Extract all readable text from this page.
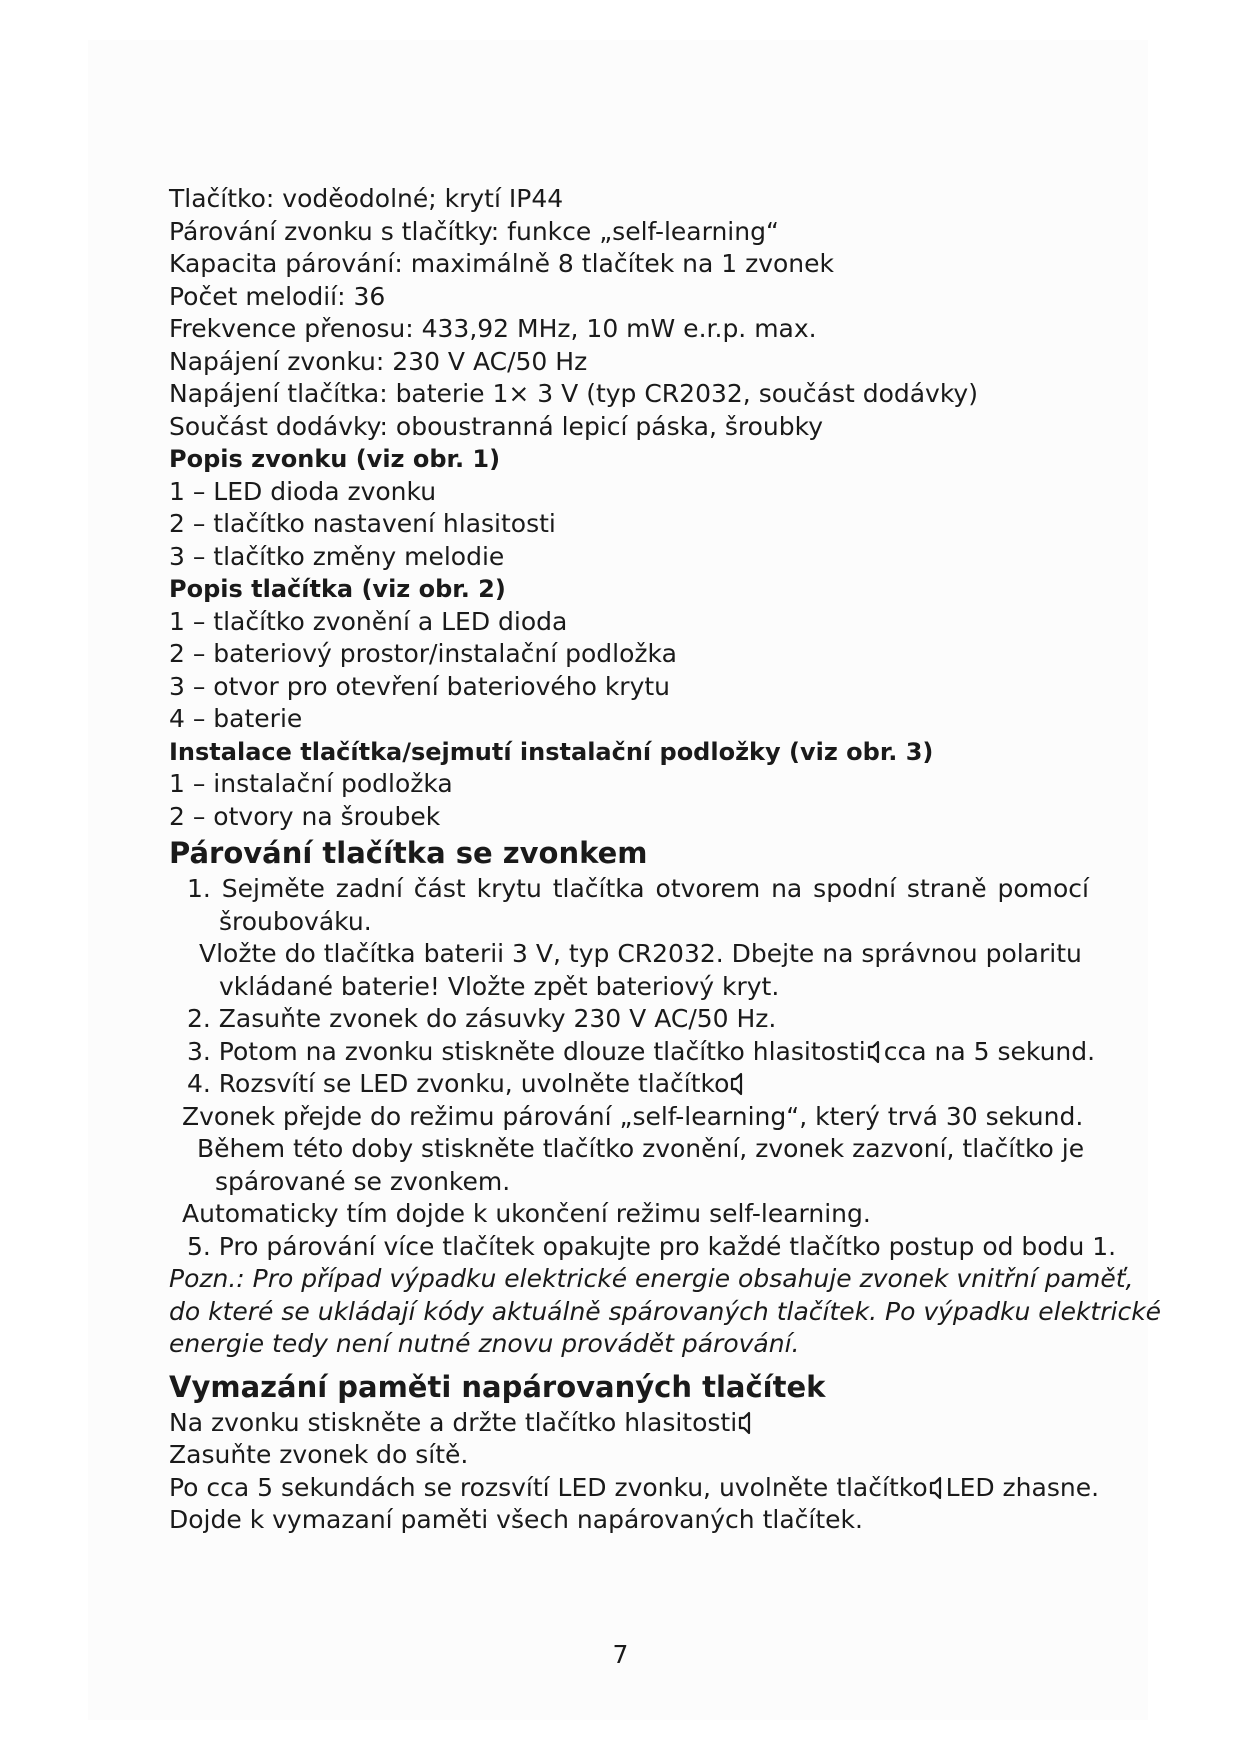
Tlačítko: voděodolné; krytí IP44
Párování zvonku s tlačítky: funkce „self-learning“
Kapacita párování: maximálně 8 tlačítek na 1 zvonek
Počet melodií: 36
Frekvence přenosu: 433,92 MHz, 10 mW e.r.p. max.
Napájení zvonku: 230 V AC/50 Hz
Napájení tlačítka: baterie 1× 3 V (typ CR2032, součást dodávky)
Součást dodávky: oboustranná lepicí páska, šroubky
Popis zvonku (viz obr. 1)
1 – LED dioda zvonku
2 – tlačítko nastavení hlasitosti
3 – tlačítko změny melodie
Popis tlačítka (viz obr. 2)
1 – tlačítko zvonění a LED dioda
2 – bateriový prostor/instalační podložka
3 – otvor pro otevření bateriového krytu
4 – baterie
Instalace tlačítka/sejmutí instalační podložky (viz obr. 3)
1 – instalační podložka
2 – otvory na šroubek
Párování tlačítka se zvonkem
1. Sejměte zadní část krytu tlačítka otvorem na spodní straně pomocí
šroubováku.
Vložte do tlačítka baterii 3 V, typ CR2032. Dbejte na správnou polaritu
vkládané baterie! Vložte zpět bateriový kryt.
2. Zasuňte zvonek do zásuvky 230 V AC/50 Hz.
3. Potom na zvonku stiskněte dlouze tlačítko hlasitosti cca na 5 sekund.
4. Rozsvítí se LED zvonku, uvolněte tlačítko
Zvonek přejde do režimu párování „self-learning“, který trvá 30 sekund.
Během této doby stiskněte tlačítko zvonění, zvonek zazvoní, tlačítko je
spárované se zvonkem.
Automaticky tím dojde k ukončení režimu self-learning.
5. Pro párování více tlačítek opakujte pro každé tlačítko postup od bodu 1.
Pozn.: Pro případ výpadku elektrické energie obsahuje zvonek vnitřní paměť,
do které se ukládají kódy aktuálně spárovaných tlačítek. Po výpadku elektrické
energie tedy není nutné znovu provádět párování.
Vymazání paměti napárovaných tlačítek
Na zvonku stiskněte a držte tlačítko hlasitosti
Zasuňte zvonek do sítě.
Po cca 5 sekundách se rozsvítí LED zvonku, uvolněte tlačítko LED zhasne.
Dojde k vymazaní paměti všech napárovaných tlačítek.
7
